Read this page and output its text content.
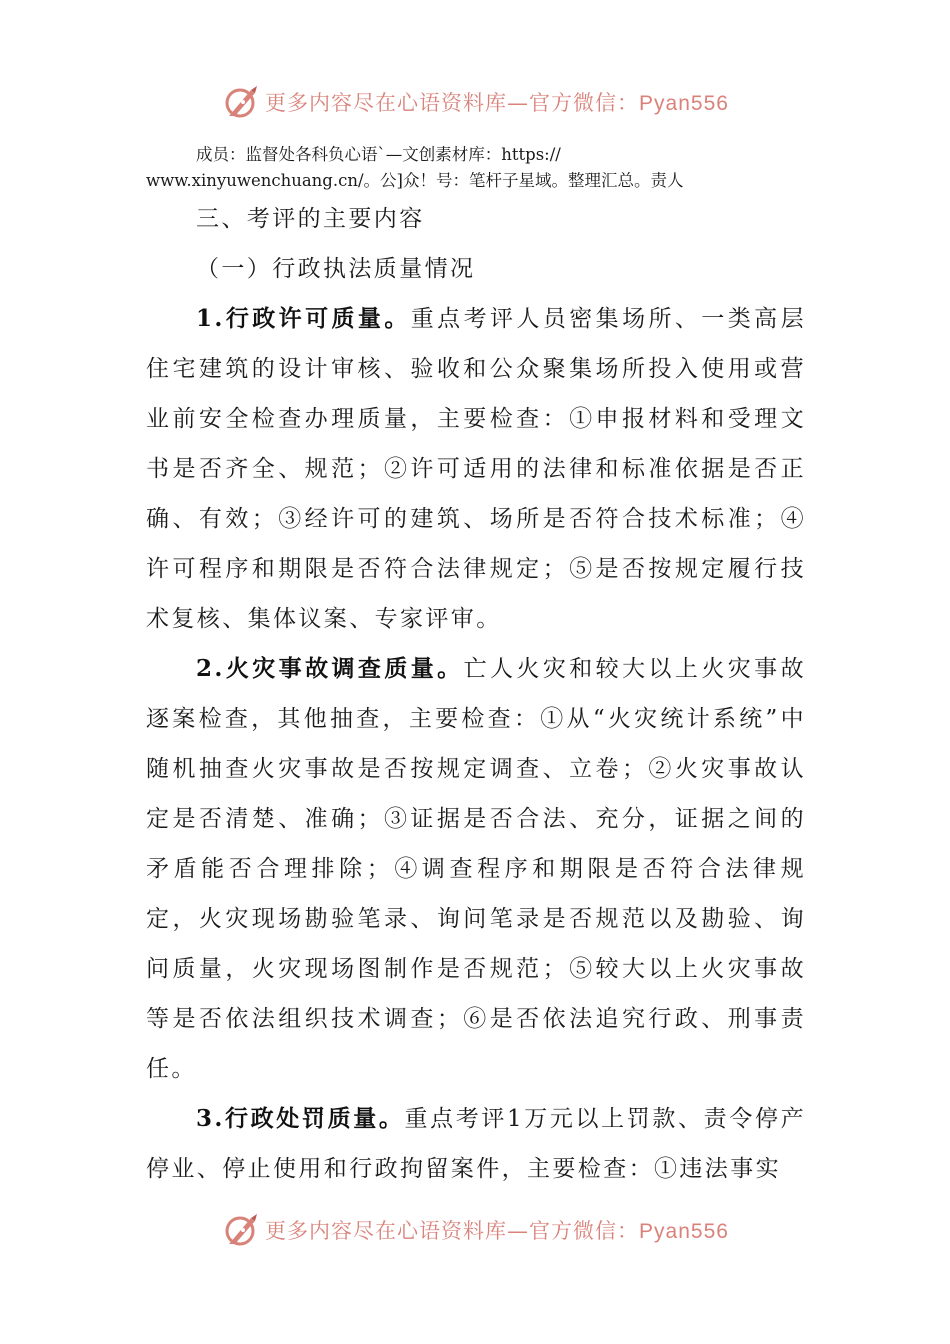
更多内容尽在心语资料库—官方微信：Pyan556
成员：监督处各科负心语`—文创素材库：https://
www.xinyuwenchuang.cn/。公]众！号：笔杆子星域。整理汇总。责人

三、考评的主要内容

（一）行政执法质量情况

1.行政许可质量。重点考评人员密集场所、一类高层住宅建筑的设计审核、验收和公众聚集场所投入使用或营业前安全检查办理质量，主要检查：①申报材料和受理文书是否齐全、规范；②许可适用的法律和标准依据是否正确、有效；③经许可的建筑、场所是否符合技术标准；④许可程序和期限是否符合法律规定；⑤是否按规定履行技术复核、集体议案、专家评审。

2.火灾事故调查质量。亡人火灾和较大以上火灾事故逐案检查，其他抽查，主要检查：①从“火灾统计系统”中随机抽查火灾事故是否按规定调查、立卷；②火灾事故认定是否清楚、准确；③证据是否合法、充分，证据之间的矛盾能否合理排除；④调查程序和期限是否符合法律规定，火灾现场勘验笔录、询问笔录是否规范以及勘验、询问质量，火灾现场图制作是否规范；⑤较大以上火灾事故等是否依法组织技术调查；⑥是否依法追究行政、刑事责任。

3.行政处罚质量。重点考评1万元以上罚款、责令停产停业、停止使用和行政拘留案件，主要检查：①违法事实

更多内容尽在心语资料库—官方微信：Pyan556
